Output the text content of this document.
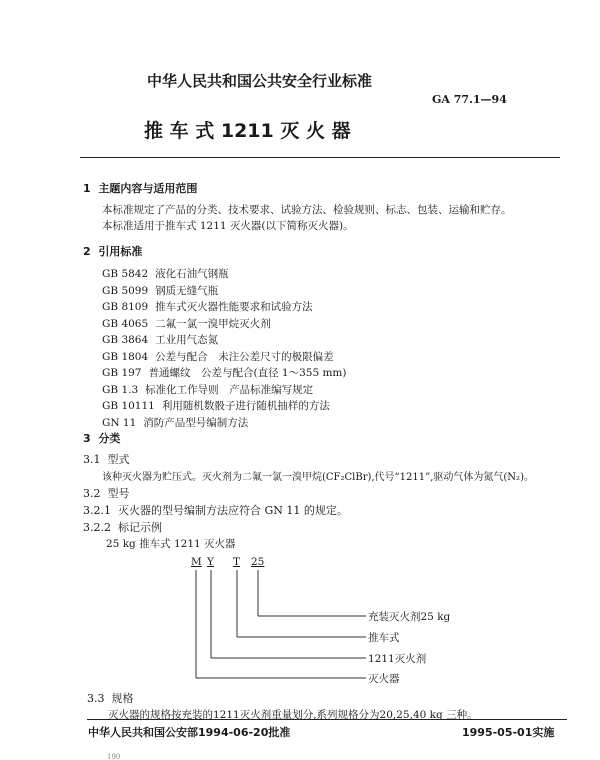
中华人民共和国公共安全行业标准
GA 77.1—94
推 车 式 1211 灭 火 器
1 主题内容与适用范围
本标准规定了产品的分类、技术要求、试验方法、检验规则、标志、包装、运输和贮存。
本标准适用于推车式 1211 灭火器(以下简称灭火器)。
2 引用标准
GB 5842 液化石油气钢瓶
GB 5099 钢质无缝气瓶
GB 8109 推车式灭火器性能要求和试验方法
GB 4065 二氟一氯一溴甲烷灭火剂
GB 3864 工业用气态氮
GB 1804 公差与配合　未注公差尺寸的极限偏差
GB 197 普通螺纹　公差与配合(直径 1～355 mm)
GB 1.3 标准化工作导则　产品标准编写规定
GB 10111 利用随机数骰子进行随机抽样的方法
GN 11 消防产品型号编制方法
3 分类
3.1 型式
该种灭火器为贮压式。灭火剂为二氟一氯一溴甲烷(CF₂ClBr),代号“1211”,驱动气体为氮气(N₂)。
3.2 型号
3.2.1 灭火器的型号编制方法应符合 GN 11 的规定。
3.2.2 标记示例
25 kg 推车式 1211 灭火器
M Y T 25
充装灭火剂25 kg
推车式
1211灭火剂
灭火器
3.3 规格
灭火器的规格按充装的1211灭火剂重量划分,系列规格分为20,25,40 kg 三种。
中华人民共和国公安部1994-06-20批准	1995-05-01实施
190
